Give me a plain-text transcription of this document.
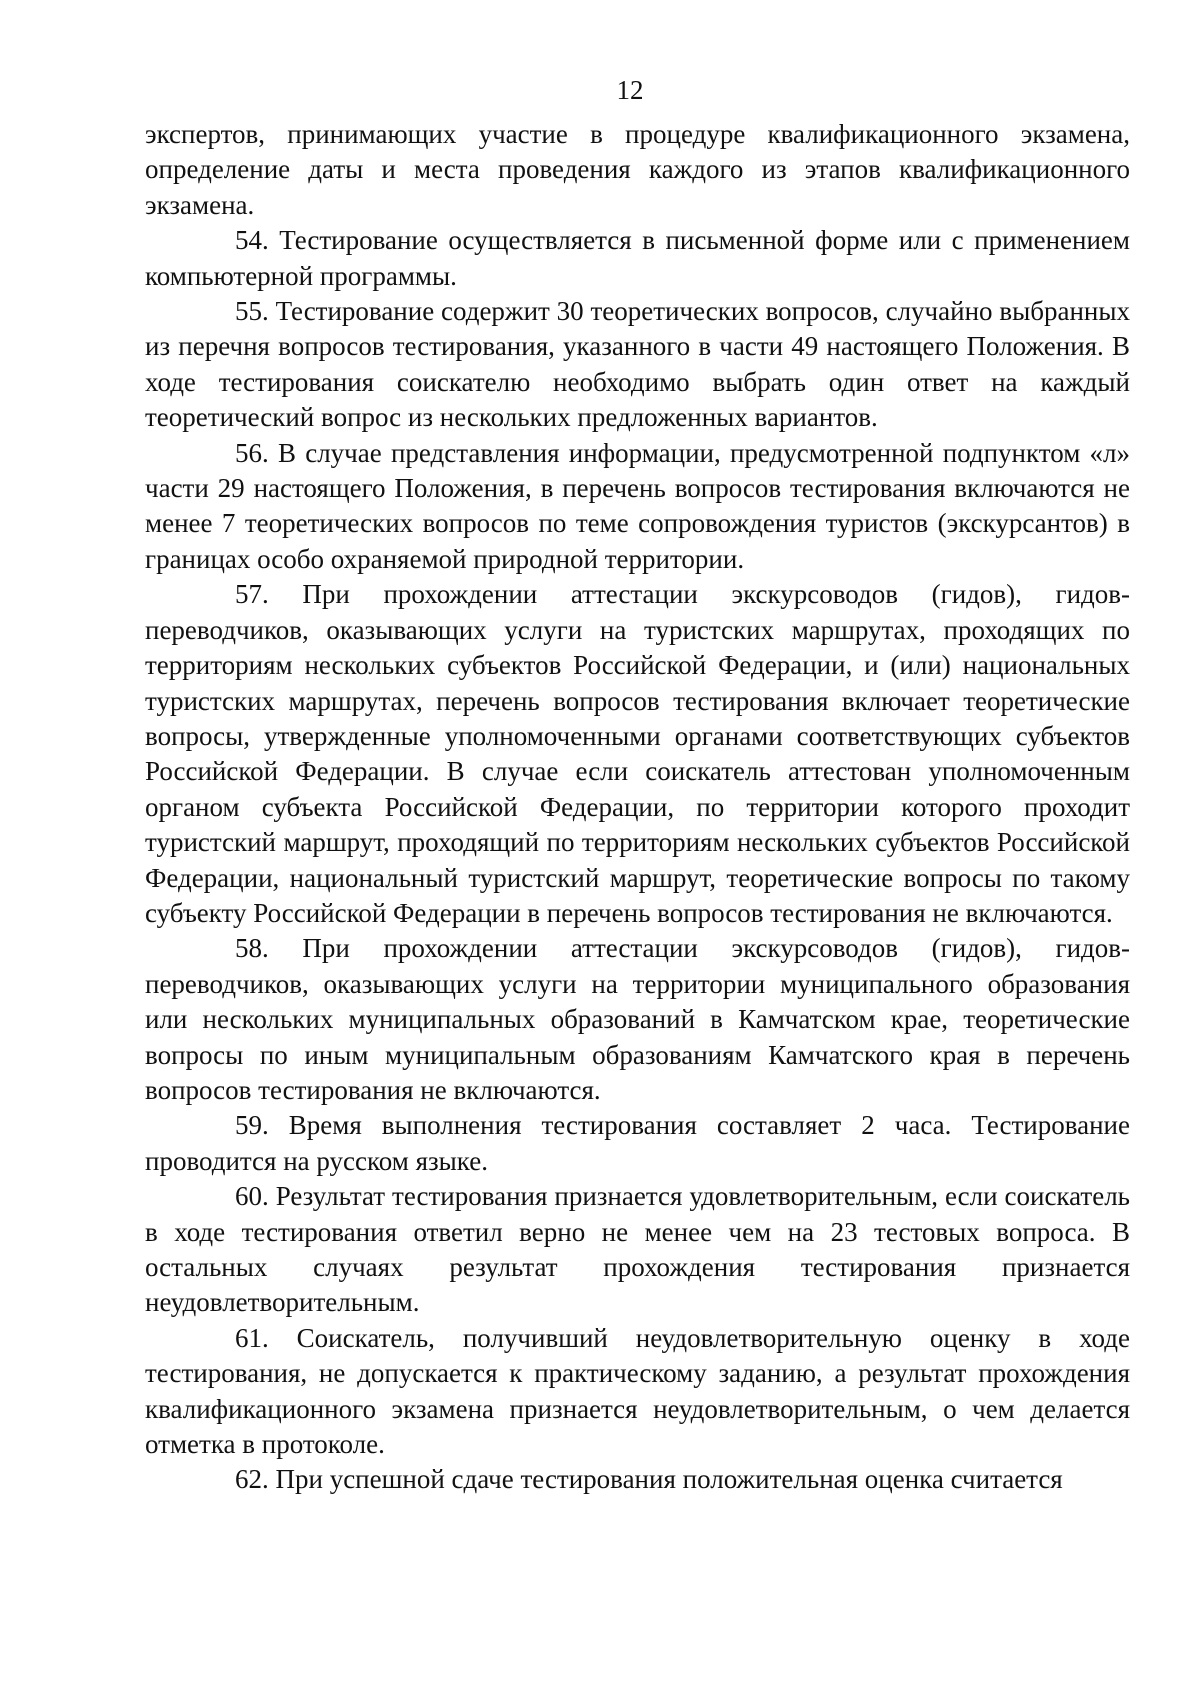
12

экспертов, принимающих участие в процедуре квалификационного экзамена, определение даты и места проведения каждого из этапов квалификационного экзамена.

54. Тестирование осуществляется в письменной форме или с применением компьютерной программы.

55. Тестирование содержит 30 теоретических вопросов, случайно выбранных из перечня вопросов тестирования, указанного в части 49 настоящего Положения. В ходе тестирования соискателю необходимо выбрать один ответ на каждый теоретический вопрос из нескольких предложенных вариантов.

56. В случае представления информации, предусмотренной подпунктом «л» части 29 настоящего Положения, в перечень вопросов тестирования включаются не менее 7 теоретических вопросов по теме сопровождения туристов (экскурсантов) в границах особо охраняемой природной территории.

57. При прохождении аттестации экскурсоводов (гидов), гидов-переводчиков, оказывающих услуги на туристских маршрутах, проходящих по территориям нескольких субъектов Российской Федерации, и (или) национальных туристских маршрутах, перечень вопросов тестирования включает теоретические вопросы, утвержденные уполномоченными органами соответствующих субъектов Российской Федерации. В случае если соискатель аттестован уполномоченным органом субъекта Российской Федерации, по территории которого проходит туристский маршрут, проходящий по территориям нескольких субъектов Российской Федерации, национальный туристский маршрут, теоретические вопросы по такому субъекту Российской Федерации в перечень вопросов тестирования не включаются.

58. При прохождении аттестации экскурсоводов (гидов), гидов-переводчиков, оказывающих услуги на территории муниципального образования или нескольких муниципальных образований в Камчатском крае, теоретические вопросы по иным муниципальным образованиям Камчатского края в перечень вопросов тестирования не включаются.

59. Время выполнения тестирования составляет 2 часа. Тестирование проводится на русском языке.

60. Результат тестирования признается удовлетворительным, если соискатель в ходе тестирования ответил верно не менее чем на 23 тестовых вопроса. В остальных случаях результат прохождения тестирования признается неудовлетворительным.

61. Соискатель, получивший неудовлетворительную оценку в ходе тестирования, не допускается к практическому заданию, а результат прохождения квалификационного экзамена признается неудовлетворительным, о чем делается отметка в протоколе.

62. При успешной сдаче тестирования положительная оценка считается
